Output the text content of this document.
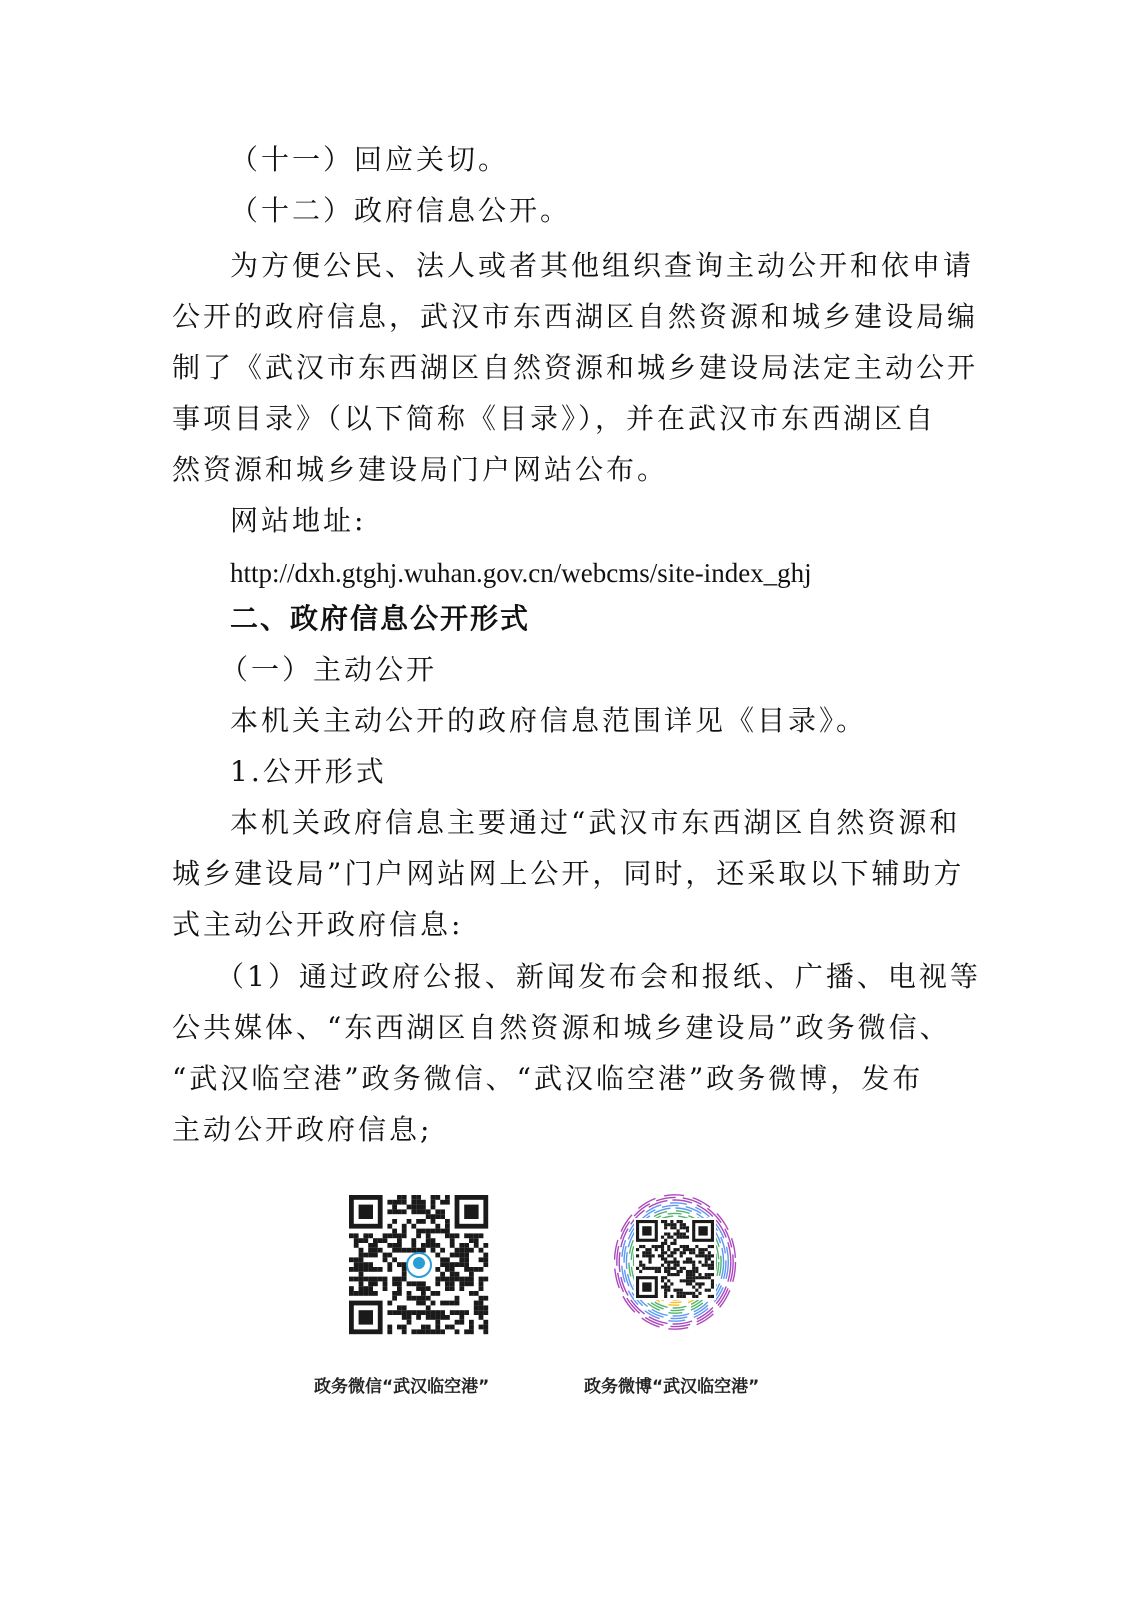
（十一）回应关切。
（十二）政府信息公开。
为方便公民、法人或者其他组织查询主动公开和依申请
公开的政府信息，武汉市东西湖区自然资源和城乡建设局编
制了《武汉市东西湖区自然资源和城乡建设局法定主动公开
事项目录》（以下简称《目录》），并在武汉市东西湖区自
然资源和城乡建设局门户网站公布。
网站地址:
http://dxh.gtghj.wuhan.gov.cn/webcms/site-index_ghj
二、政府信息公开形式
（一）主动公开
本机关主动公开的政府信息范围详见《目录》。
1.公开形式
本机关政府信息主要通过“武汉市东西湖区自然资源和
城乡建设局”门户网站网上公开，同时，还采取以下辅助方
式主动公开政府信息:
（1）通过政府公报、新闻发布会和报纸、广播、电视等
公共媒体、“东西湖区自然资源和城乡建设局”政务微信、
“武汉临空港”政务微信、“武汉临空港”政务微博，发布
主动公开政府信息;
政务微信“武汉临空港”	政务微博“武汉临空港”
